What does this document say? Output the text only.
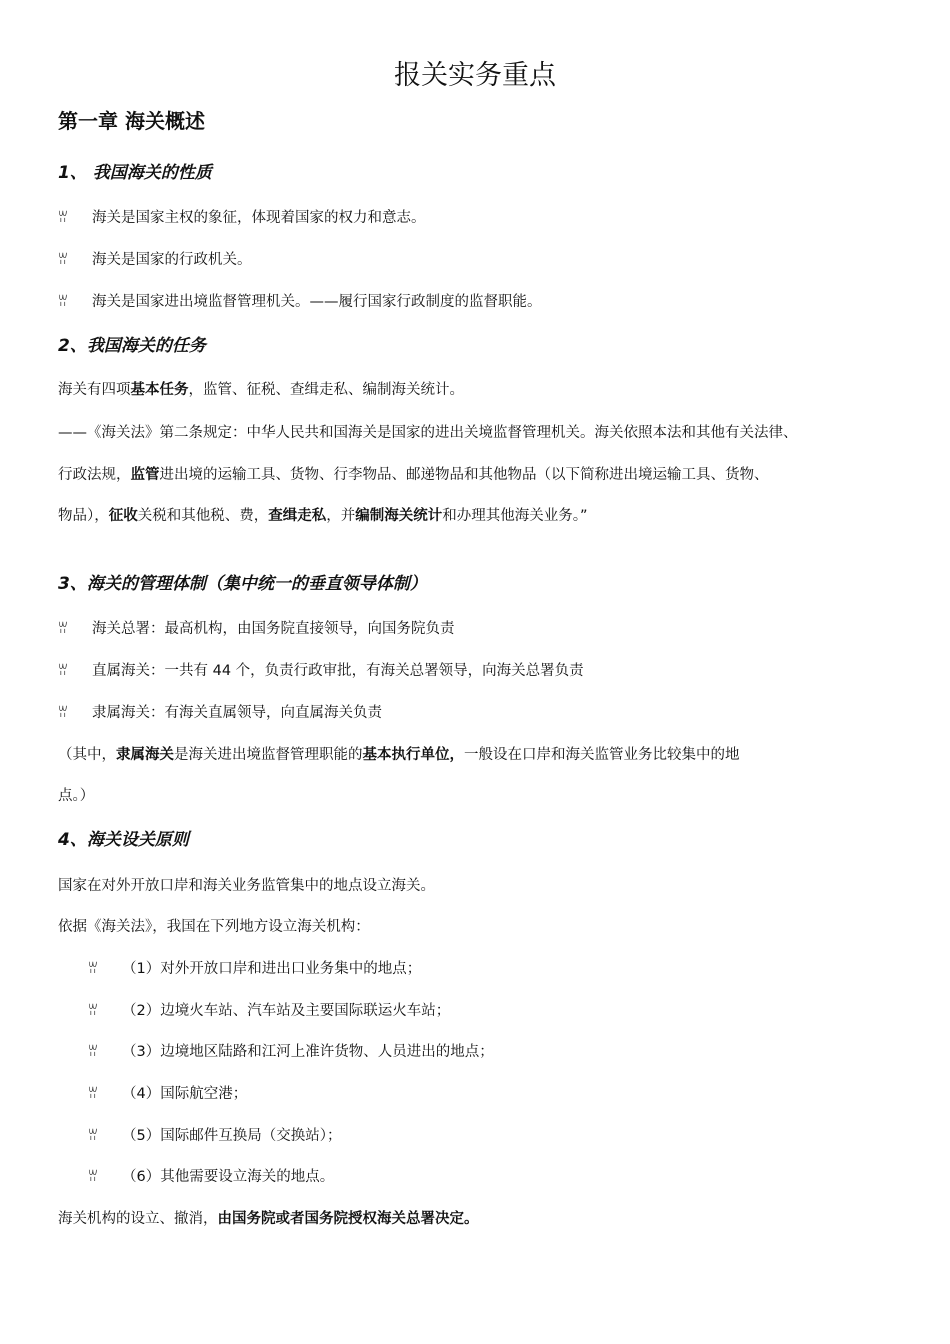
报关实务重点
第一章 海关概述
1、 我国海关的性质
ꀕ 海关是国家主权的象征，体现着国家的权力和意志。
ꀕ 海关是国家的行政机关。
ꀕ 海关是国家进出境监督管理机关。——履行国家行政制度的监督职能。
2、我国海关的任务
海关有四项基本任务，监管、征税、查缉走私、编制海关统计。
——《海关法》第二条规定：中华人民共和国海关是国家的进出关境监督管理机关。海关依照本法和其他有关法律、
行政法规，监管进出境的运输工具、货物、行李物品、邮递物品和其他物品（以下简称进出境运输工具、货物、
物品），征收关税和其他税、费，查缉走私，并编制海关统计和办理其他海关业务。”
3、海关的管理体制（集中统一的垂直领导体制）
ꀕ 海关总署：最高机构，由国务院直接领导，向国务院负责
ꀕ 直属海关：一共有 44 个，负责行政审批，有海关总署领导，向海关总署负责
ꀕ 隶属海关：有海关直属领导，向直属海关负责
（其中，隶属海关是海关进出境监督管理职能的基本执行单位，一般设在口岸和海关监管业务比较集中的地
点。）
4、海关设关原则
国家在对外开放口岸和海关业务监管集中的地点设立海关。
依据《海关法》，我国在下列地方设立海关机构：
ꀕ （1）对外开放口岸和进出口业务集中的地点；
ꀕ （2）边境火车站、汽车站及主要国际联运火车站；
ꀕ （3）边境地区陆路和江河上准许货物、人员进出的地点；
ꀕ （4）国际航空港；
ꀕ （5）国际邮件互换局（交换站）；
ꀕ （6）其他需要设立海关的地点。
海关机构的设立、撤消，由国务院或者国务院授权海关总署决定。
